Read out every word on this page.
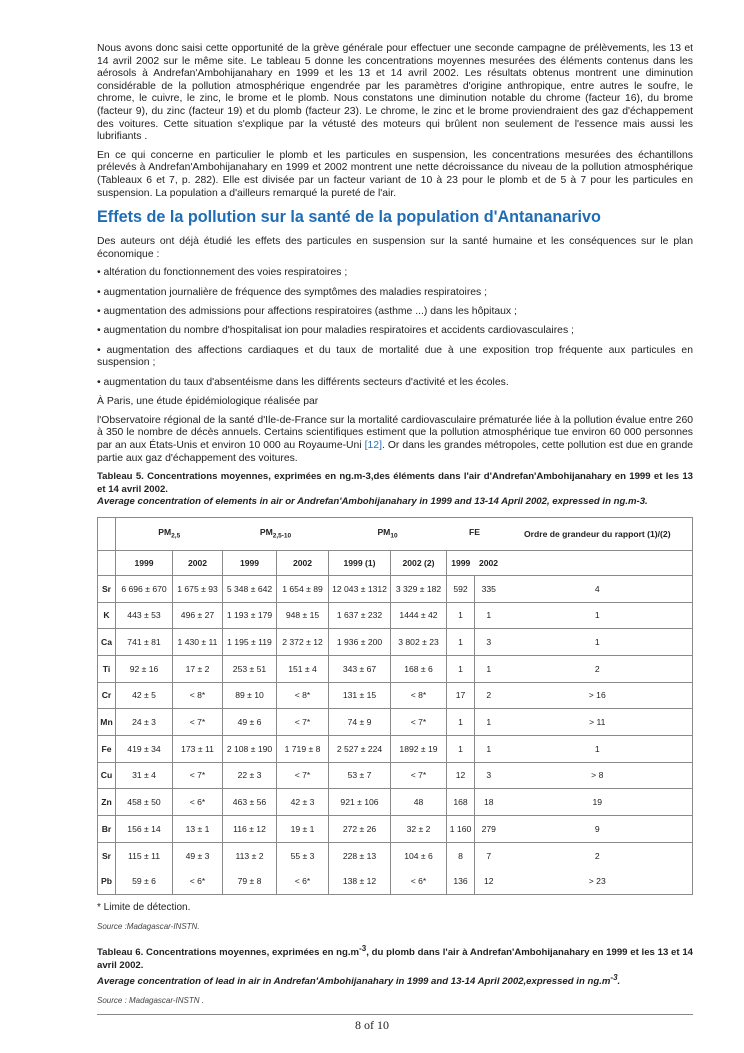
Nous avons donc saisi cette opportunité de la grève générale pour effectuer une seconde campagne de prélèvements, les 13 et 14 avril 2002 sur le même site. Le tableau 5 donne les concentrations moyennes mesurées des éléments contenus dans les aérosols à Andrefan'Ambohijanahary en 1999 et les 13 et 14 avril 2002. Les résultats obtenus montrent une diminution considérable de la pollution atmosphérique engendrée par les paramètres d'origine anthropique, entre autres le soufre, le chrome, le cuivre, le zinc, le brome et le plomb. Nous constatons une diminution notable du chrome (facteur 16), du brome (facteur 9), du zinc (facteur 19) et du plomb (facteur 23). Le chrome, le zinc et le brome proviendraient des gaz d'échappement des voitures. Cette situation s'explique par la vétusté des moteurs qui brûlent non seulement de l'essence mais aussi les lubrifiants .

En ce qui concerne en particulier le plomb et les particules en suspension, les concentrations mesurées des échantillons prélevés à Andrefan'Ambohijanahary en 1999 et 2002 montrent une nette décroissance du niveau de la pollution atmosphérique (Tableaux 6 et 7, p. 282). Elle est divisée par un facteur variant de 10 à 23 pour le plomb et de 5 à 7 pour les particules en suspension. La population a d'ailleurs remarqué la pureté de l'air.

Effets de la pollution sur la santé de la population d'Antananarivo

Des auteurs ont déjà étudié les effets des particules en suspension sur la santé humaine et les conséquences sur le plan économique :

• altération du fonctionnement des voies respiratoires ;

• augmentation journalière de fréquence des symptômes des maladies respiratoires ;

• augmentation des admissions pour affections respiratoires (asthme ...) dans les hôpitaux ;

• augmentation du nombre d'hospitalisat ion pour maladies respiratoires et accidents cardiovasculaires ;

• augmentation des affections cardiaques et du taux de mortalité due à une exposition trop fréquente aux particules en suspension ;

• augmentation du taux d'absentéisme dans les différents secteurs d'activité et les écoles.

À Paris, une étude épidémiologique réalisée par

l'Observatoire régional de la santé d'Ile-de-France sur la mortalité cardiovasculaire prématurée liée à la pollution évalue entre 260 à 350 le nombre de décès annuels. Certains scientifiques estiment que la pollution atmosphérique tue environ 60 000 personnes par an aux États-Unis et environ 10 000 au Royaume-Uni [12]. Or dans les grandes métropoles, cette pollution est due en grande partie aux gaz d'échappement des voitures.

Tableau 5. Concentrations moyennes, exprimées en ng.m-3,des éléments dans l'air d'Andrefan'Ambohijanahary en 1999 et les 13 et 14 avril 2002.

Average concentration of elements in air or Andrefan'Ambohijanahary in 1999 and 13-14 April 2002, expressed in ng.m-3.

	$PM_{2,5}$		$PM_{2,5-10}$		$PM_{10}$		FE		Ordre de grandeur du rapport (1)/(2)
	1999	2002	1999	2002	1999 (1)	2002 (2)	1999	2002	
Sr	6 696 ± 670	1 675 ± 93	5 348 ± 642	1 654 ± 89	12 043 ± 1312	3 329 ± 182	592	335	4
K	443 ± 53	496 ± 27	1 193 ± 179	948 ± 15	1 637 ± 232	1444 ± 42	1	1	1
Ca	741 ± 81	1 430 ± 11	1 195 ± 119	2 372 ± 12	1 936 ± 200	3 802 ± 23	1	3	1
Ti	92 ± 16	17 ± 2	253 ± 51	151 ± 4	343 ± 67	168 ± 6	1	1	2
Cr	42 ± 5	< 8*	89 ± 10	< 8*	131 ± 15	< 8*	17	2	> 16
Mn	24 ± 3	< 7*	49 ± 6	< 7*	74 ± 9	< 7*	1	1	> 11
Fe	419 ± 34	173 ± 11	2 108 ± 190	1 719 ± 8	2 527 ± 224	1892 ± 19	1	1	1
Cu	31 ± 4	< 7*	22 ± 3	< 7*	53 ± 7	< 7*	12	3	> 8
Zn	458 ± 50	< 6*	463 ± 56	42 ± 3	921 ± 106	48	168	18	19
Br	156 ± 14	13 ± 1	116 ± 12	19 ± 1	272 ± 26	32 ± 2	1 160	279	9
Sr	115 ± 11	49 ± 3	113 ± 2	55 ± 3	228 ± 13	104 ± 6	8	7	2
Pb	59 ± 6	< 6*	79 ± 8	< 6*	138 ± 12	< 6*	136	12	> 23

* Limite de détection.

Source :Madagascar-INSTN.

Tableau 6. Concentrations moyennes, exprimées en $ng.m^{-3}$, du plomb dans l'air à Andrefan'Ambohijanahary en 1999 et les 13 et 14 avril 2002.

Average concentration of lead in air in Andrefan'Ambohijanahary in 1999 and 13-14 April 2002,expressed in $ng.m^{-3}$.

Source : Madagascar-INSTN .

8 of 10
